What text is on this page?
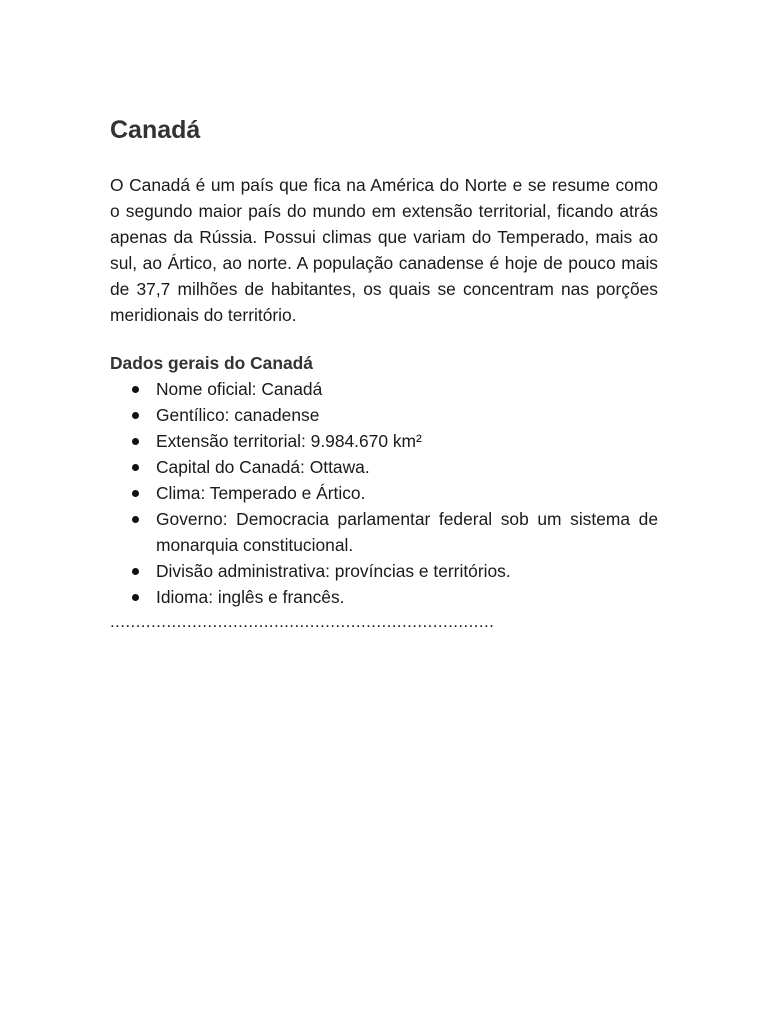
Canadá

O Canadá é um país que fica na América do Norte e se resume como o segundo maior país do mundo em extensão territorial, ficando atrás apenas da Rússia. Possui climas que variam do Temperado, mais ao sul, ao Ártico, ao norte. A população canadense é hoje de pouco mais de 37,7 milhões de habitantes, os quais se concentram nas porções meridionais do território.

Dados gerais do Canadá
Nome oficial: Canadá
Gentílico: canadense
Extensão territorial: 9.984.670 km²
Capital do Canadá: Ottawa.
Clima: Temperado e Ártico.
Governo: Democracia parlamentar federal sob um sistema de monarquia constitucional.
Divisão administrativa: províncias e territórios.
Idioma: inglês e francês.
...........................................................................
